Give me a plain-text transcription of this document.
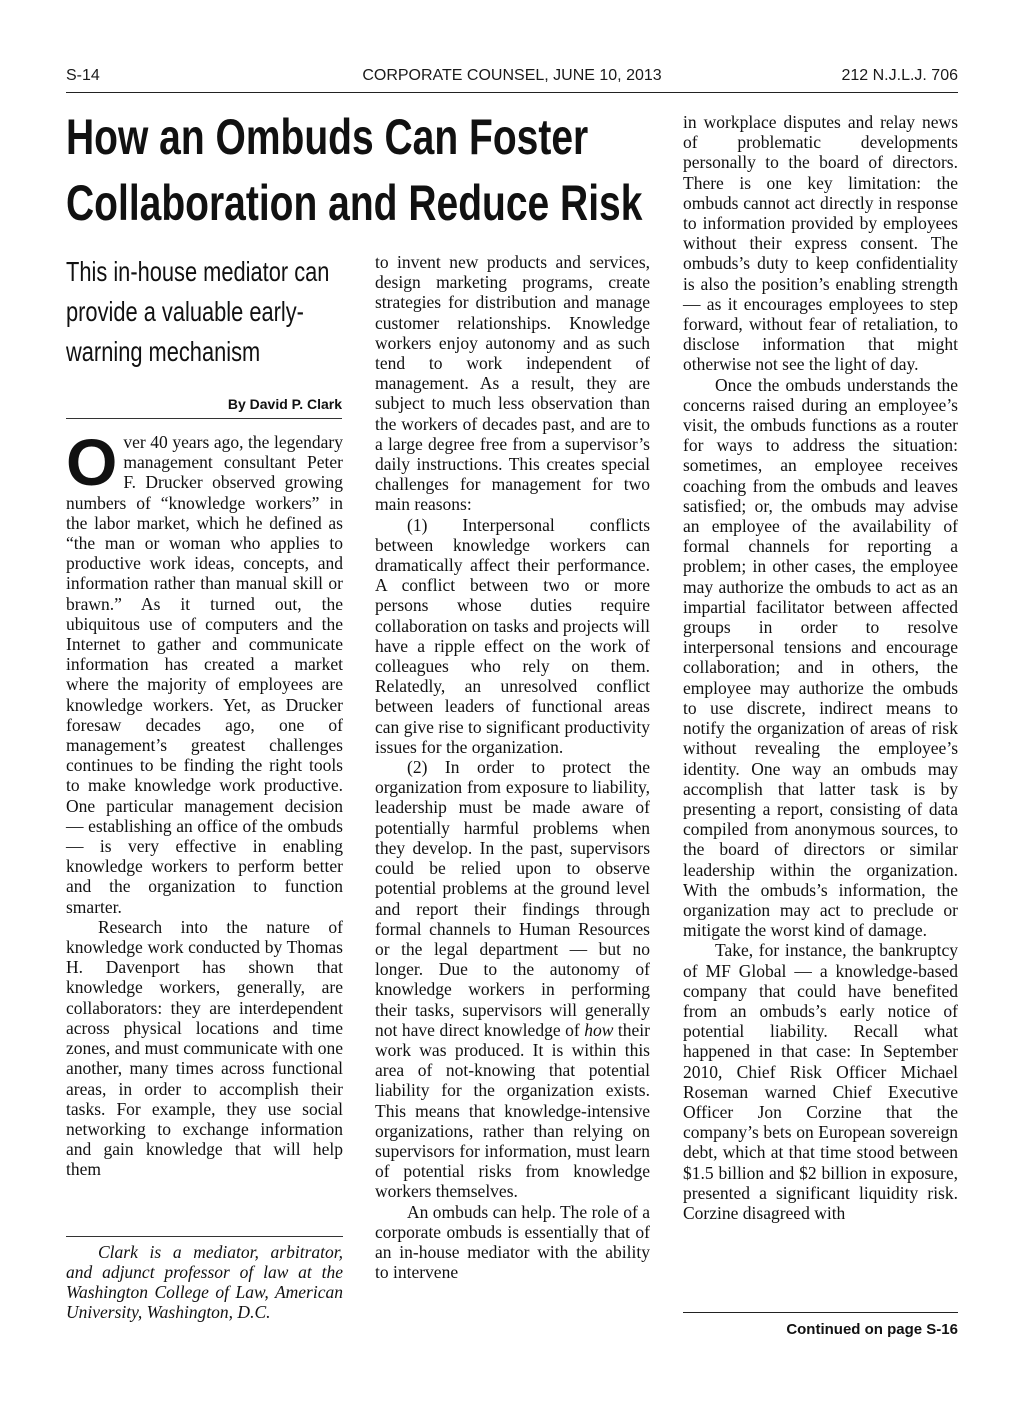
S-14	CORPORATE COUNSEL, JUNE 10, 2013	212 N.J.L.J. 706
How an Ombuds Can Foster
Collaboration and Reduce Risk
This in-house mediator can
provide a valuable early-
warning mechanism
By David P. Clark

Over 40 years ago, the legendary management consultant Peter F. Drucker observed growing numbers of “knowledge workers” in the labor market, which he defined as “the man or woman who applies to productive work ideas, concepts, and information rather than manual skill or brawn.” As it turned out, the ubiquitous use of computers and the Internet to gather and communicate information has created a market where the majority of employees are knowledge workers. Yet, as Drucker foresaw decades ago, one of management’s greatest challenges continues to be finding the right tools to make knowledge work productive. One particular management decision — establishing an office of the ombuds — is very effective in enabling knowledge workers to perform better and the organization to function smarter.

Research into the nature of knowledge work conducted by Thomas H. Davenport has shown that knowledge workers, generally, are collaborators: they are interdependent across physical locations and time zones, and must communicate with one another, many times across functional areas, in order to accomplish their tasks. For example, they use social networking to exchange information and gain knowledge that will help them

Clark is a mediator, arbitrator, and adjunct professor of law at the Washington College of Law, American University, Washington, D.C.

to invent new products and services, design marketing programs, create strategies for distribution and manage customer relationships. Knowledge workers enjoy autonomy and as such tend to work independent of management. As a result, they are subject to much less observation than the workers of decades past, and are to a large degree free from a supervisor’s daily instructions. This creates special challenges for management for two main reasons:

(1) Interpersonal conflicts between knowledge workers can dramatically affect their performance. A conflict between two or more persons whose duties require collaboration on tasks and projects will have a ripple effect on the work of colleagues who rely on them. Relatedly, an unresolved conflict between leaders of functional areas can give rise to significant productivity issues for the organization.

(2) In order to protect the organization from exposure to liability, leadership must be made aware of potentially harmful problems when they develop. In the past, supervisors could be relied upon to observe potential problems at the ground level and report their findings through formal channels to Human Resources or the legal department — but no longer. Due to the autonomy of knowledge workers in performing their tasks, supervisors will generally not have direct knowledge of how their work was produced. It is within this area of not-knowing that potential liability for the organization exists. This means that knowledge-intensive organizations, rather than relying on supervisors for information, must learn of potential risks from knowledge workers themselves.

An ombuds can help. The role of a corporate ombuds is essentially that of an in-house mediator with the ability to intervene

in workplace disputes and relay news of problematic developments personally to the board of directors. There is one key limitation: the ombuds cannot act directly in response to information provided by employees without their express consent. The ombuds’s duty to keep confidentiality is also the position’s enabling strength — as it encourages employees to step forward, without fear of retaliation, to disclose information that might otherwise not see the light of day.

Once the ombuds understands the concerns raised during an employee’s visit, the ombuds functions as a router for ways to address the situation: sometimes, an employee receives coaching from the ombuds and leaves satisfied; or, the ombuds may advise an employee of the availability of formal channels for reporting a problem; in other cases, the employee may authorize the ombuds to act as an impartial facilitator between affected groups in order to resolve interpersonal tensions and encourage collaboration; and in others, the employee may authorize the ombuds to use discrete, indirect means to notify the organization of areas of risk without revealing the employee’s identity. One way an ombuds may accomplish that latter task is by presenting a report, consisting of data compiled from anonymous sources, to the board of directors or similar leadership within the organization. With the ombuds’s information, the organization may act to preclude or mitigate the worst kind of damage.

Take, for instance, the bankruptcy of MF Global — a knowledge-based company that could have benefited from an ombuds’s early notice of potential liability. Recall what happened in that case: In September 2010, Chief Risk Officer Michael Roseman warned Chief Executive Officer Jon Corzine that the company’s bets on European sovereign debt, which at that time stood between $1.5 billion and $2 billion in exposure, presented a significant liquidity risk. Corzine disagreed with

Continued on page S-16
